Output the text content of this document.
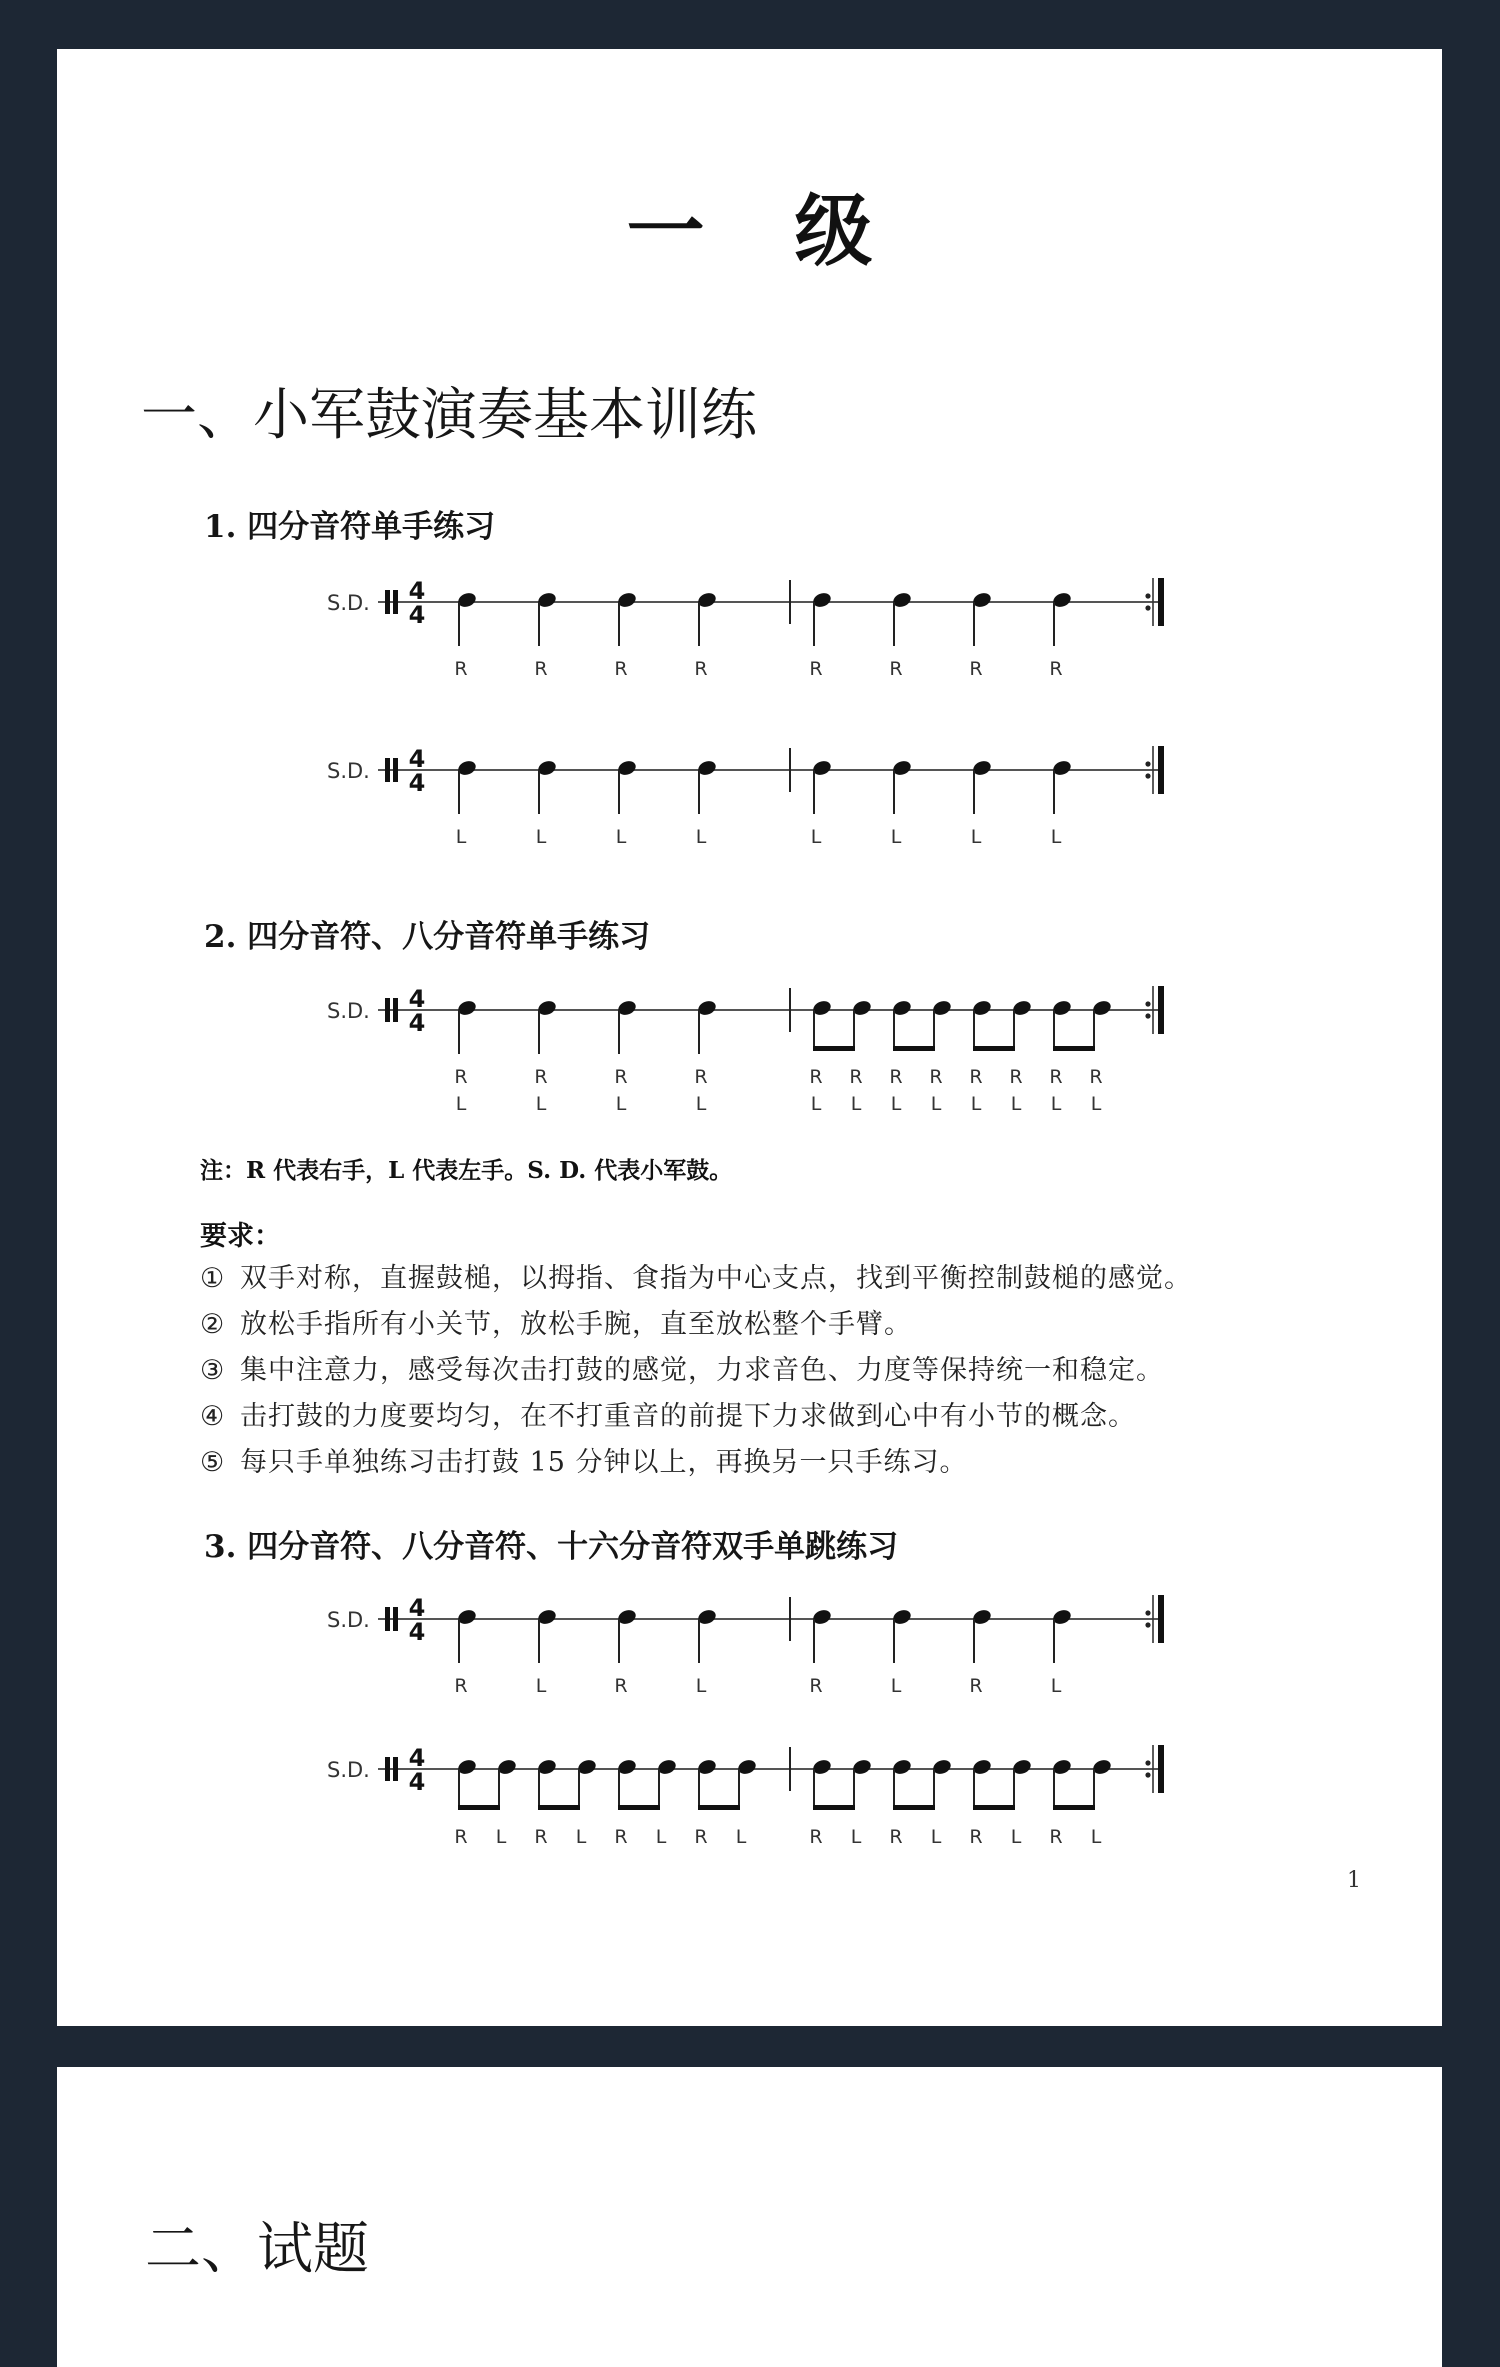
一级
一、小军鼓演奏基本训练
1. 四分音符单手练习
2. 四分音符、八分音符单手练习
注：R 代表右手，L 代表左手。S. D. 代表小军鼓。
要求：
① 双手对称，直握鼓槌，以拇指、食指为中心支点，找到平衡控制鼓槌的感觉。
② 放松手指所有小关节，放松手腕，直至放松整个手臂。
③ 集中注意力，感受每次击打鼓的感觉，力求音色、力度等保持统一和稳定。
④ 击打鼓的力度要均匀，在不打重音的前提下力求做到心中有小节的概念。
⑤ 每只手单独练习击打鼓 15 分钟以上，再换另一只手练习。
3. 四分音符、八分音符、十六分音符双手单跳练习
1
S.D. 4
4
R	R	R	R	R	R	R	R
S.D. 4
4
L	L	L	L	L	L	L	L
S.D. 4
4
R
L
R
L
R
L
R
L
R
L
R
L
R
L
R
L
R
L
R
L
R
L
R
L
S.D. 4
4
R	L	R	L	R	L	R	L
S.D. 4
4
R L R L R L R L	R L R L R L R L
二、试题
